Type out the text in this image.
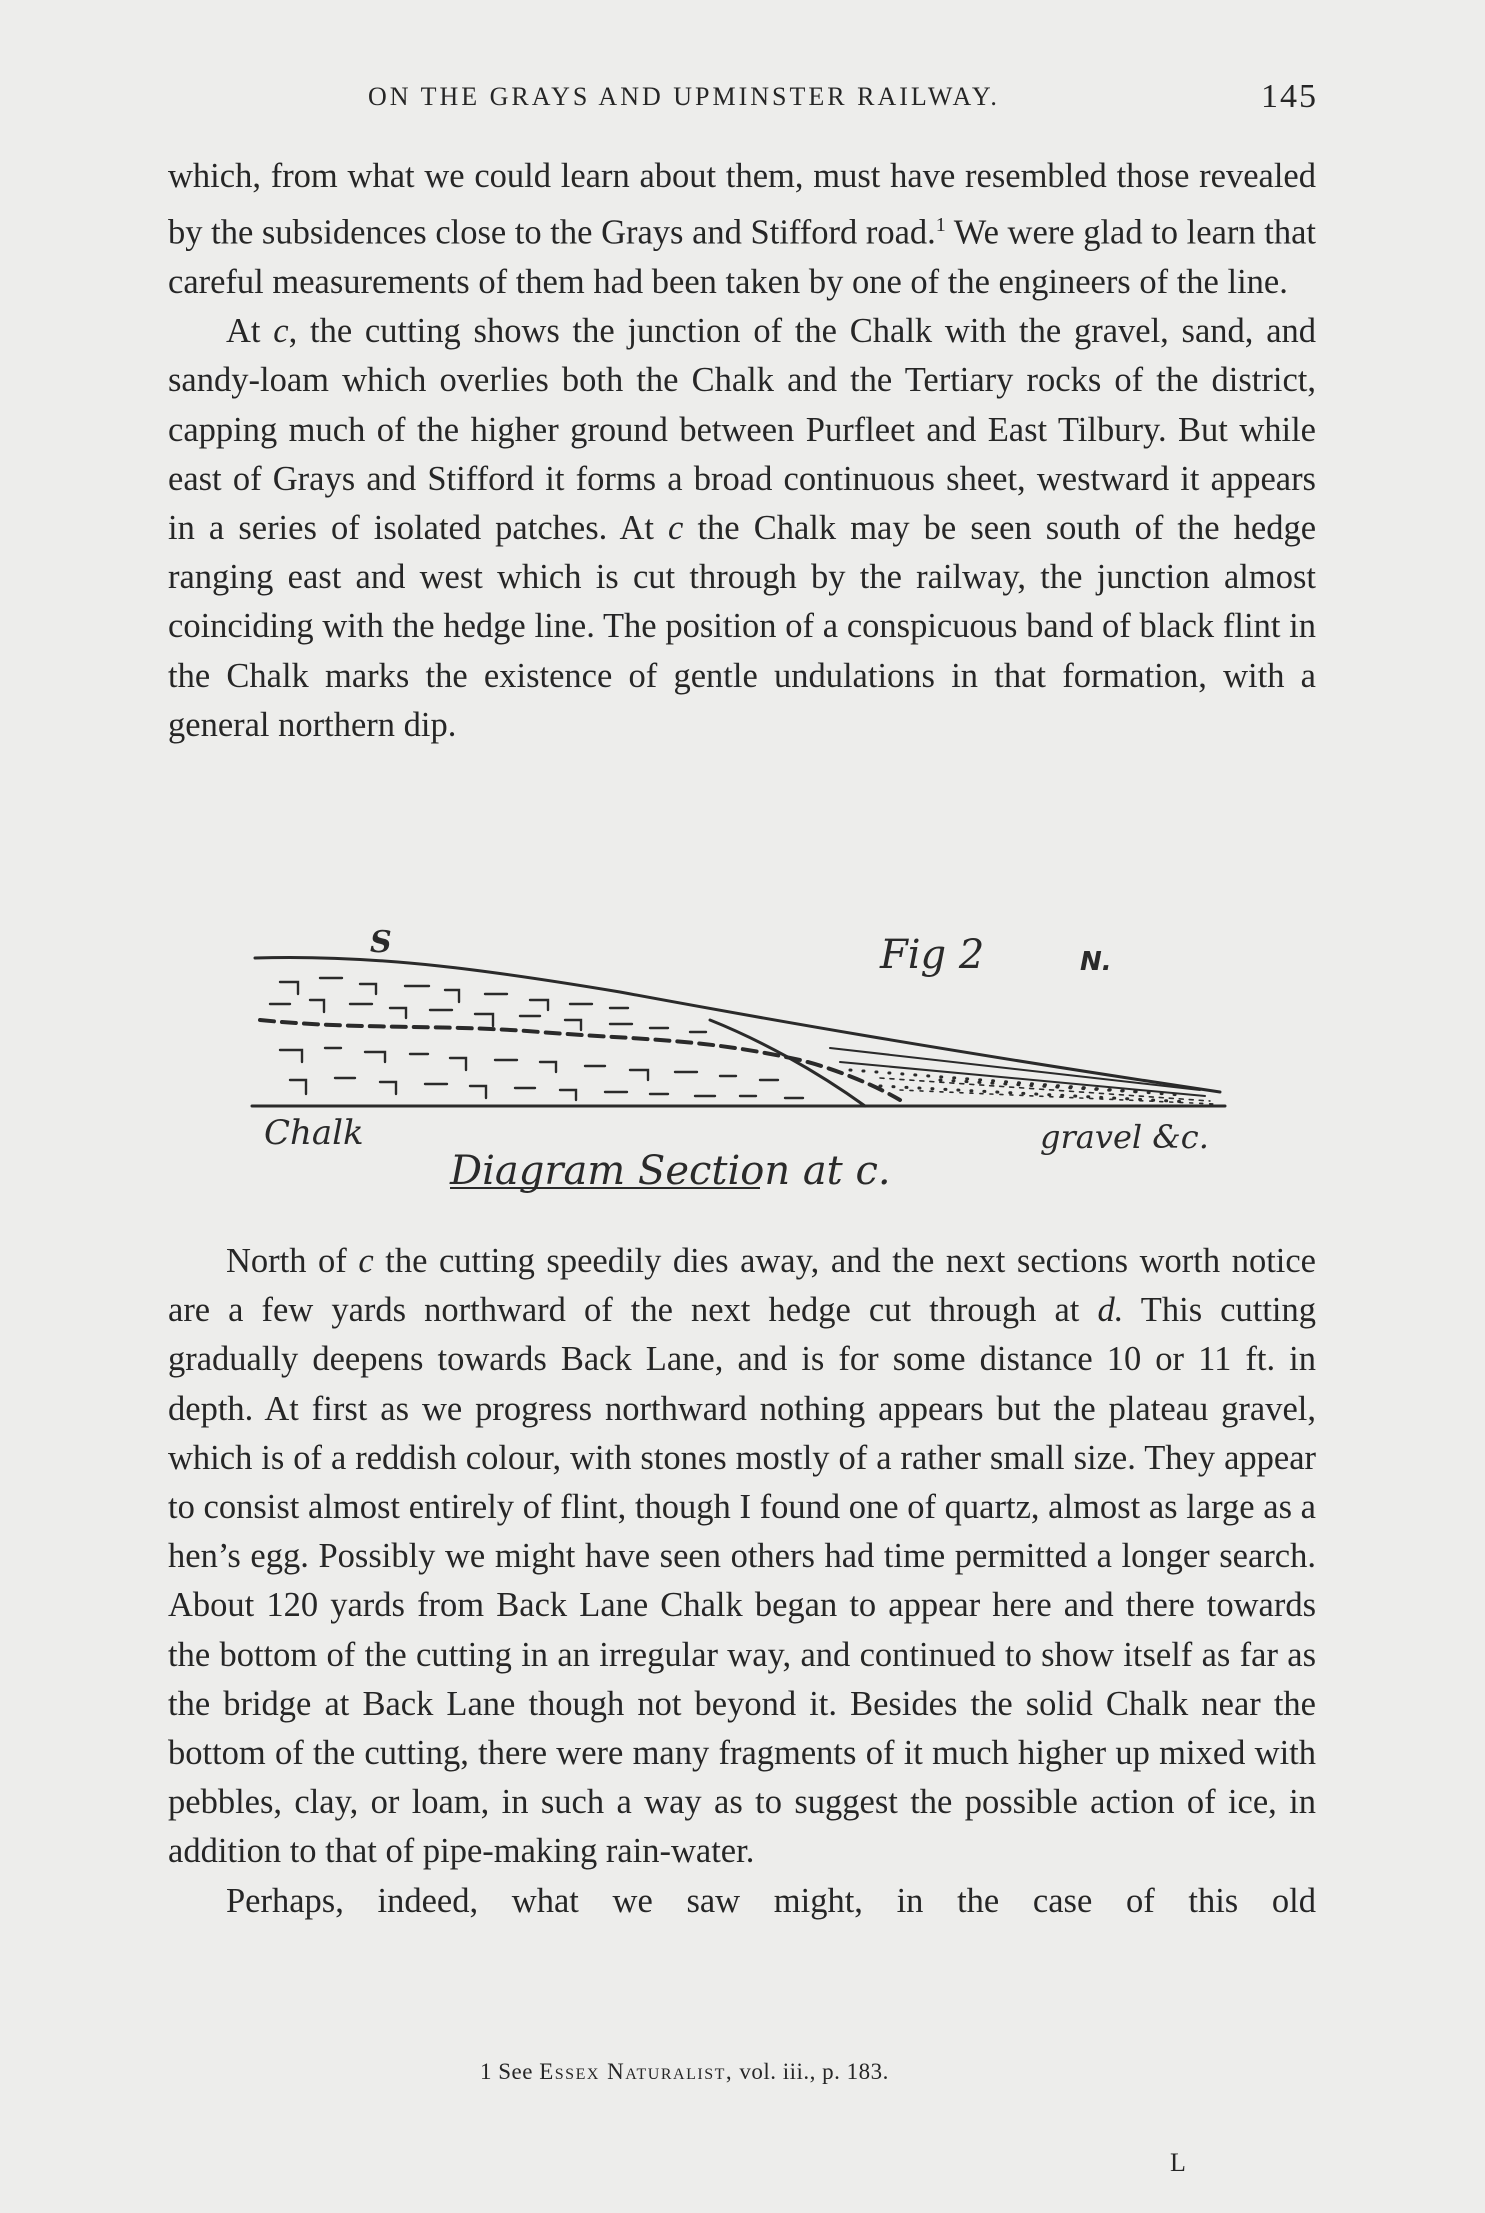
ON THE GRAYS AND UPMINSTER RAILWAY.	145

which, from what we could learn about them, must have resembled those revealed by the subsidences close to the Grays and Stifford road.$^1$ We were glad to learn that careful measurements of them had been taken by one of the engineers of the line.

At c, the cutting shows the junction of the Chalk with the gravel, sand, and sandy-loam which overlies both the Chalk and the Tertiary rocks of the district, capping much of the higher ground between Purfleet and East Tilbury. But while east of Grays and Stifford it forms a broad continuous sheet, westward it appears in a series of isolated patches. At c the Chalk may be seen south of the hedge ranging east and west which is cut through by the railway, the junction almost coinciding with the hedge line. The position of a conspicuous band of black flint in the Chalk marks the existence of gentle undulations in that formation, with a general northern dip.

S	Fig 2	N.
Chalk	gravel &c.
Diagram Section at c.

North of c the cutting speedily dies away, and the next sections worth notice are a few yards northward of the next hedge cut through at d. This cutting gradually deepens towards Back Lane, and is for some distance 10 or 11 ft. in depth. At first as we progress northward nothing appears but the plateau gravel, which is of a reddish colour, with stones mostly of a rather small size. They appear to consist almost entirely of flint, though I found one of quartz, almost as large as a hen’s egg. Possibly we might have seen others had time permitted a longer search. About 120 yards from Back Lane Chalk began to appear here and there towards the bottom of the cutting in an irregular way, and continued to show itself as far as the bridge at Back Lane though not beyond it. Besides the solid Chalk near the bottom of the cutting, there were many fragments of it much higher up mixed with pebbles, clay, or loam, in such a way as to suggest the possible action of ice, in addition to that of pipe-making rain-water.

Perhaps, indeed, what we saw might, in the case of this old

1 See Essex Naturalist, vol. iii., p. 183.
L
